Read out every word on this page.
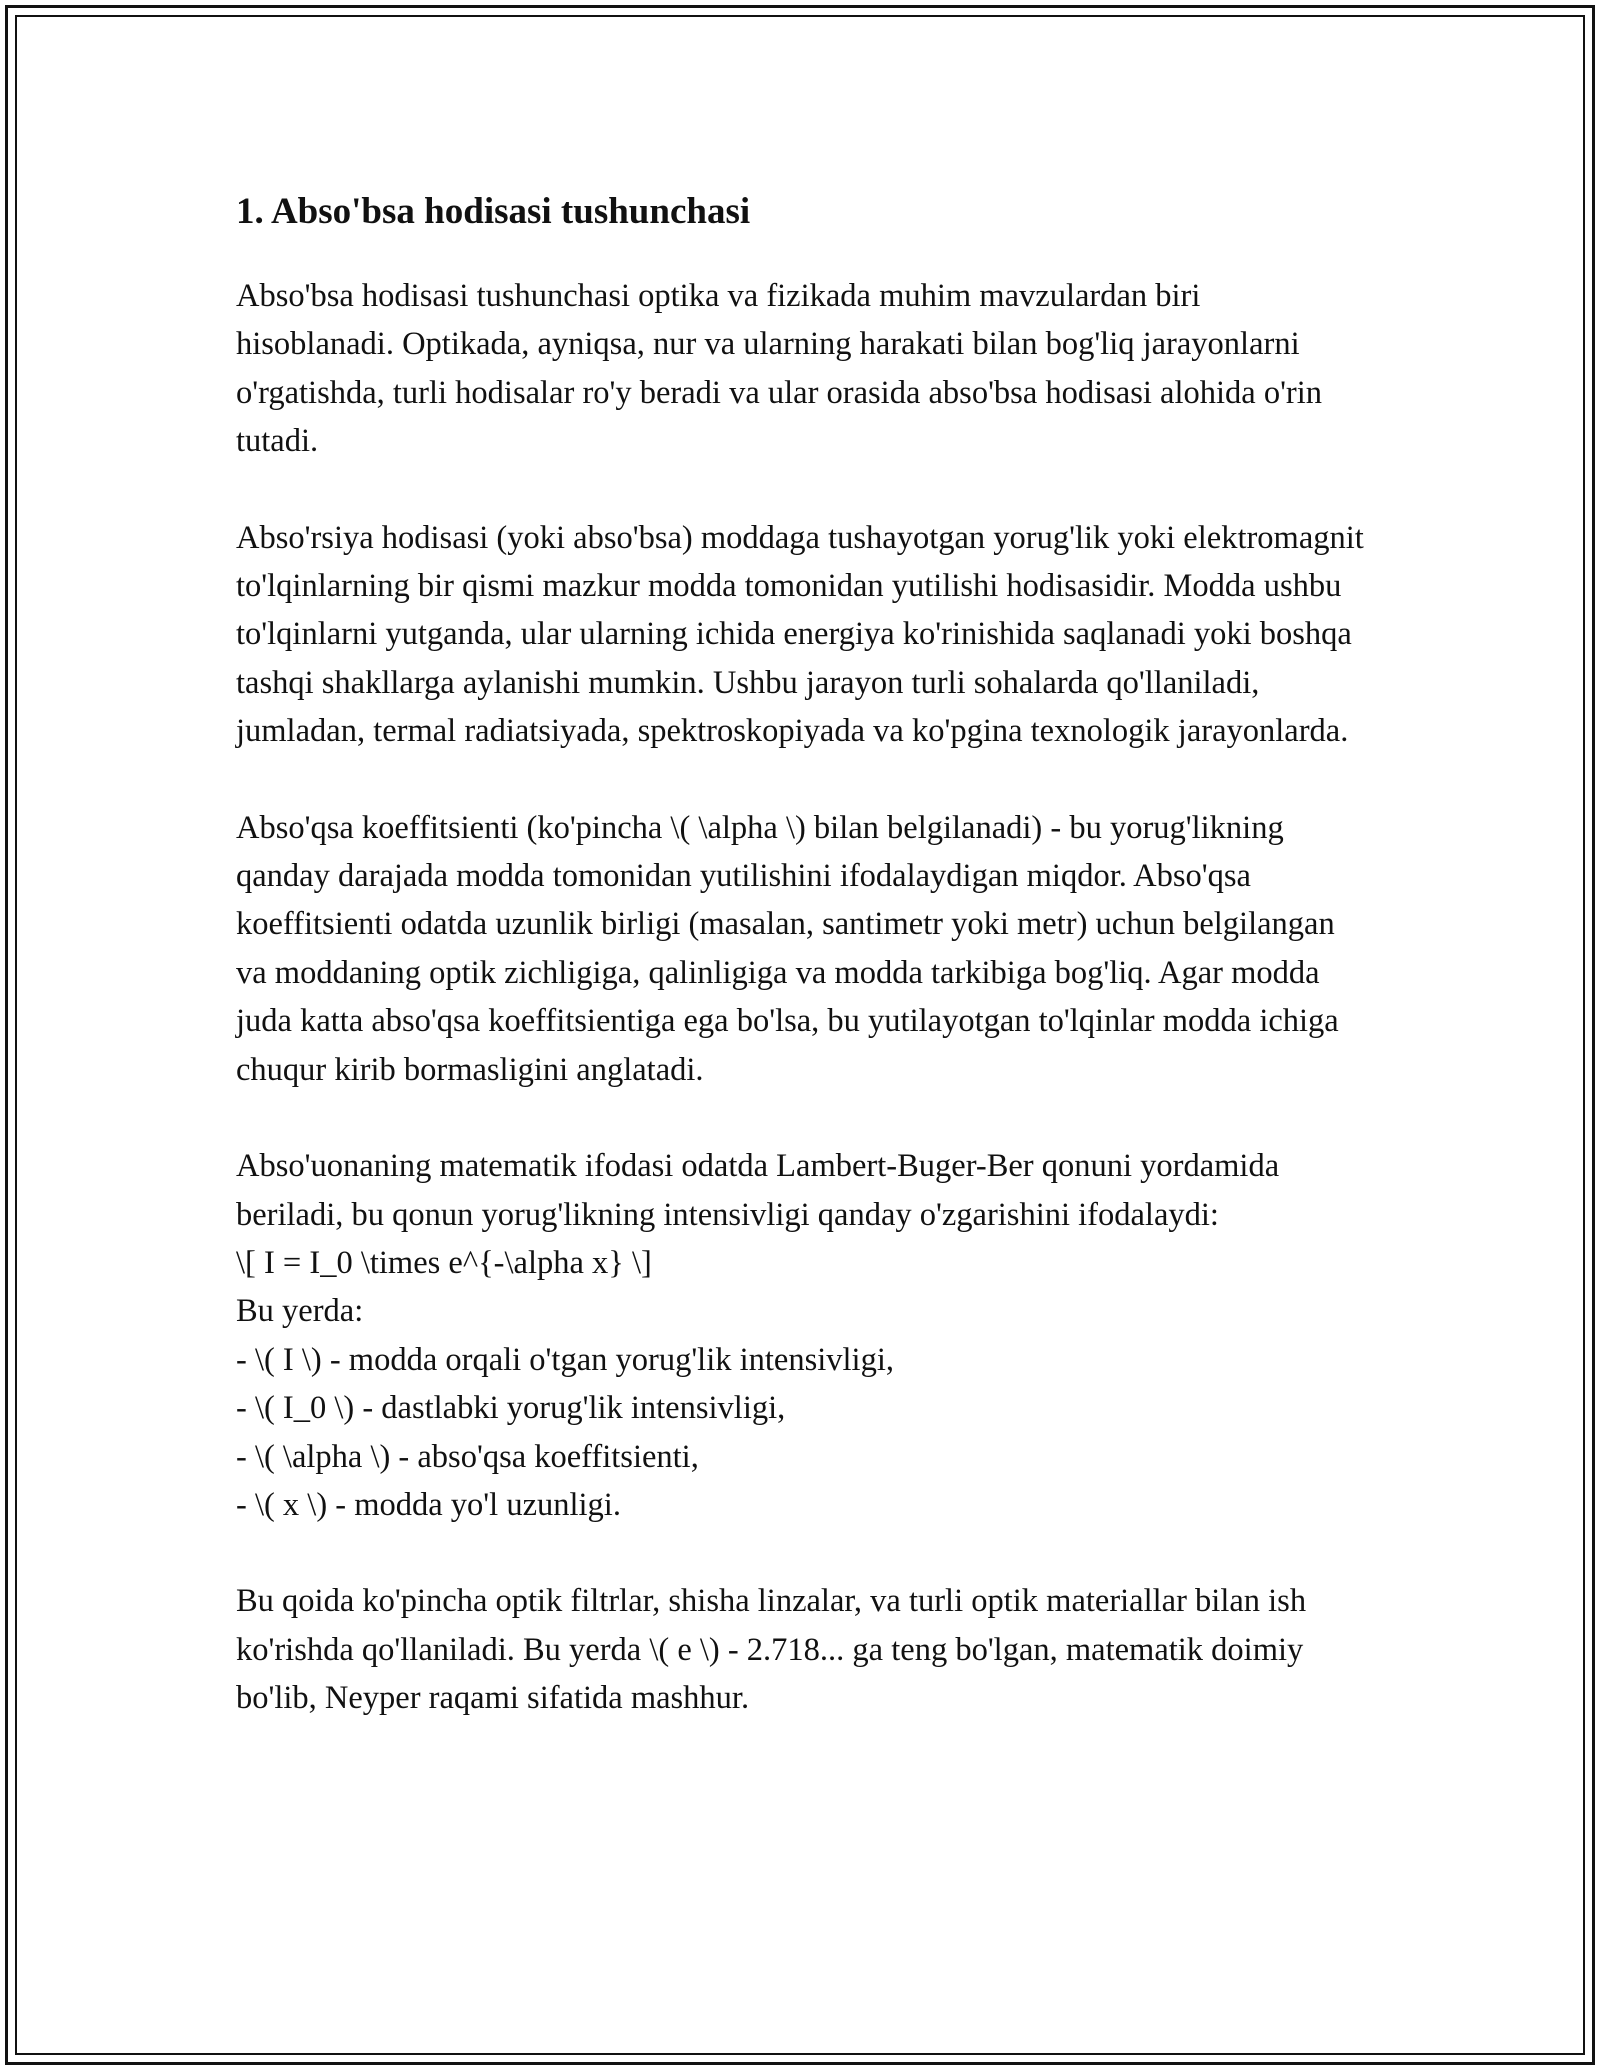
1. Abso'bsa hodisasi tushunchasi

Abso'bsa hodisasi tushunchasi optika va fizikada muhim mavzulardan biri hisoblanadi. Optikada, ayniqsa, nur va ularning harakati bilan bog'liq jarayonlarni o'rgatishda, turli hodisalar ro'y beradi va ular orasida abso'bsa hodisasi alohida o'rin tutadi.

Abso'rsiya hodisasi (yoki abso'bsa) moddaga tushayotgan yorug'lik yoki elektromagnit to'lqinlarning bir qismi mazkur modda tomonidan yutilishi hodisasidir. Modda ushbu to'lqinlarni yutganda, ular ularning ichida energiya ko'rinishida saqlanadi yoki boshqa tashqi shakllarga aylanishi mumkin. Ushbu jarayon turli sohalarda qo'llaniladi, jumladan, termal radiatsiyada, spektroskopiyada va ko'pgina texnologik jarayonlarda.

Abso'qsa koeffitsienti (ko'pincha \( \alpha \) bilan belgilanadi) - bu yorug'likning qanday darajada modda tomonidan yutilishini ifodalaydigan miqdor. Abso'qsa koeffitsienti odatda uzunlik birligi (masalan, santimetr yoki metr) uchun belgilangan va moddaning optik zichligiga, qalinligiga va modda tarkibiga bog'liq. Agar modda juda katta abso'qsa koeffitsientiga ega bo'lsa, bu yutilayotgan to'lqinlar modda ichiga chuqur kirib bormasligini anglatadi.

Abso'uonaning matematik ifodasi odatda Lambert-Buger-Ber qonuni yordamida beriladi, bu qonun yorug'likning intensivligi qanday o'zgarishini ifodalaydi:
\[ I = I_0 \times e^{-\alpha x} \]
Bu yerda:
- \( I \) - modda orqali o'tgan yorug'lik intensivligi,
- \( I_0 \) - dastlabki yorug'lik intensivligi,
- \( \alpha \) - abso'qsa koeffitsienti,
- \( x \) - modda yo'l uzunligi.

Bu qoida ko'pincha optik filtrlar, shisha linzalar, va turli optik materiallar bilan ish ko'rishda qo'llaniladi. Bu yerda \( e \) - 2.718... ga teng bo'lgan, matematik doimiy bo'lib, Neyper raqami sifatida mashhur.
